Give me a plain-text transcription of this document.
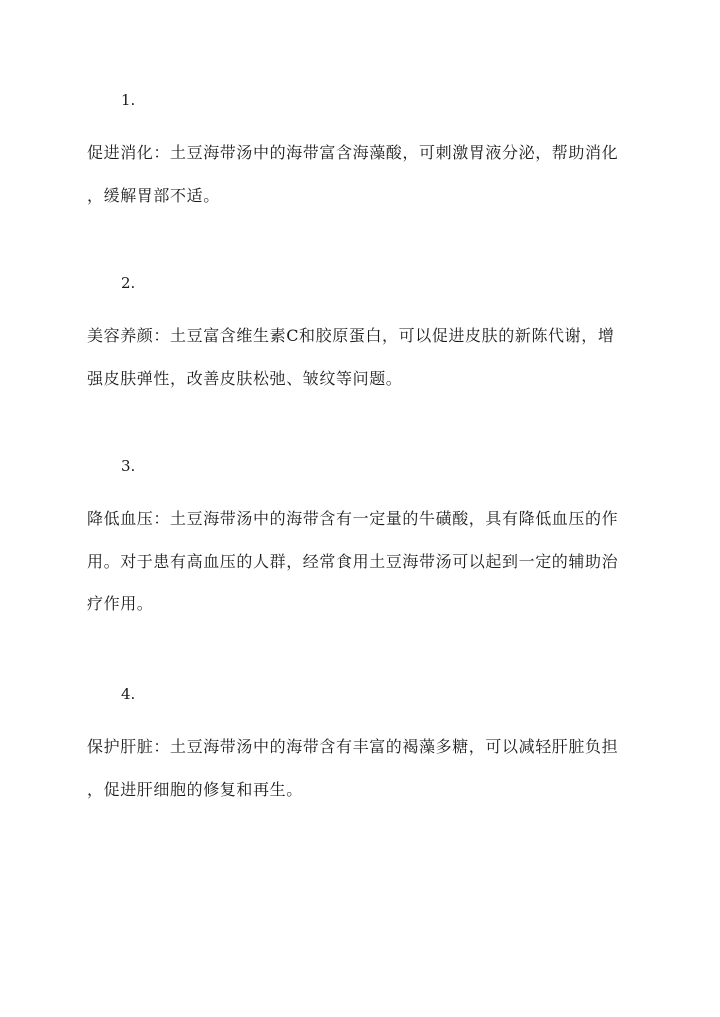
1.
促进消化：土豆海带汤中的海带富含海藻酸，可刺激胃液分泌，帮助消化
，缓解胃部不适。
2.
美容养颜：土豆富含维生素C和胶原蛋白，可以促进皮肤的新陈代谢，增
强皮肤弹性，改善皮肤松弛、皱纹等问题。
3.
降低血压：土豆海带汤中的海带含有一定量的牛磺酸，具有降低血压的作
用。对于患有高血压的人群，经常食用土豆海带汤可以起到一定的辅助治
疗作用。
4.
保护肝脏：土豆海带汤中的海带含有丰富的褐藻多糖，可以减轻肝脏负担
，促进肝细胞的修复和再生。
